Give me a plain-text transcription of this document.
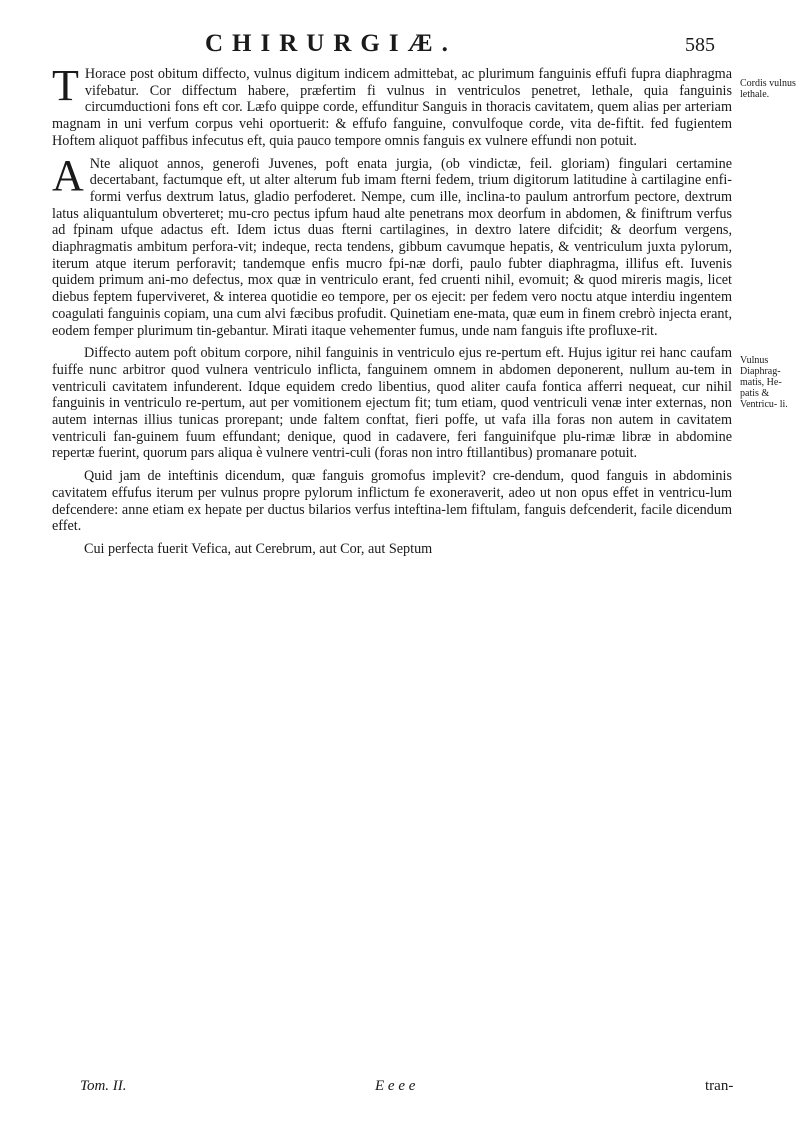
CHIRURGIÆ.	585
Cordis vulnus lethale.
Vulnus Diaphrag- matis, He- patis & Ventricu- li.

T Horace post obitum diffecto, vulnus digitum indicem admittebat, ac plurimum fanguinis effufi fupra diaphragma vifebatur. Cor diffectum habere, præfertim fi vulnus in ventriculos penetret, lethale, quia fanguinis circumductioni fons eft cor. Læfo quippe corde, effunditur Sanguis in thoracis cavitatem, quem alias per arteriam magnam in uni verfum corpus vehi oportuerit: & effufo fanguine, convulfoque corde, vita de-fiftit. fed fugientem Hoftem aliquot paffibus infecutus eft, quia pauco tempore omnis fanguis ex vulnere effundi non potuit.

A Nte aliquot annos, generofi Juvenes, poft enata jurgia, (ob vindictæ, feil. gloriam) fingulari certamine decertabant, factumque eft, ut alter alterum fub imam fterni fedem, trium digitorum latitudine à cartilagine enfi-formi verfus dextrum latus, gladio perfoderet. Nempe, cum ille, inclina-to paulum antrorfum pectore, dextrum latus aliquantulum obverteret; mu-cro pectus ipfum haud alte penetrans mox deorfum in abdomen, & finiftrum verfus ad fpinam ufque adactus eft. Idem ictus duas fterni cartilagines, in dextro latere difcidit; & deorfum vergens, diaphragmatis ambitum perfora-vit; indeque, recta tendens, gibbum cavumque hepatis, & ventriculum juxta pylorum, iterum atque iterum perforavit; tandemque enfis mucro fpi-næ dorfi, paulo fubter diaphragma, illifus eft. Iuvenis quidem primum ani-mo defectus, mox quæ in ventriculo erant, fed cruenti nihil, evomuit; & quod mireris magis, licet diebus feptem fuperviveret, & interea quotidie eo tempore, per os ejecit: per fedem vero noctu atque interdiu ingentem coagulati fanguinis copiam, una cum alvi fæcibus profudit. Quinetiam ene-mata, quæ eum in finem crebrò injecta erant, eodem femper plurimum tin-gebantur. Mirati itaque vehementer fumus, unde nam fanguis ifte profluxe-rit.

Diffecto autem poft obitum corpore, nihil fanguinis in ventriculo ejus re-pertum eft. Hujus igitur rei hanc caufam fuiffe nunc arbitror quod vulnera ventriculo inflicta, fanguinem omnem in abdomen deponerent, nullum au-tem in ventriculi cavitatem infunderent. Idque equidem credo libentius, quod aliter caufa fontica afferri nequeat, cur nihil fanguinis in ventriculo re-pertum, aut per vomitionem ejectum fit; tum etiam, quod ventriculi venæ inter externas, non autem internas illius tunicas prorepant; unde faltem conftat, fieri poffe, ut vafa illa foras non autem in cavitatem ventriculi fan-guinem fuum effundant; denique, quod in cadavere, feri fanguinifque plu-rimæ libræ in abdomine repertæ fuerint, quorum pars aliqua è vulnere ventri-culi (foras non intro ftillantibus) promanare potuit.

Quid jam de inteftinis dicendum, quæ fanguis gromofus implevit? cre-dendum, quod fanguis in abdominis cavitatem effufus iterum per vulnus propre pylorum inflictum fe exoneraverit, adeo ut non opus effet in ventricu-lum defcendere: anne etiam ex hepate per ductus bilarios verfus inteftina-lem fiftulam, fanguis defcenderit, facile dicendum effet.

Cui perfecta fuerit Vefica, aut Cerebrum, aut Cor, aut Septum

Tom. II.	E e e e	tran-
